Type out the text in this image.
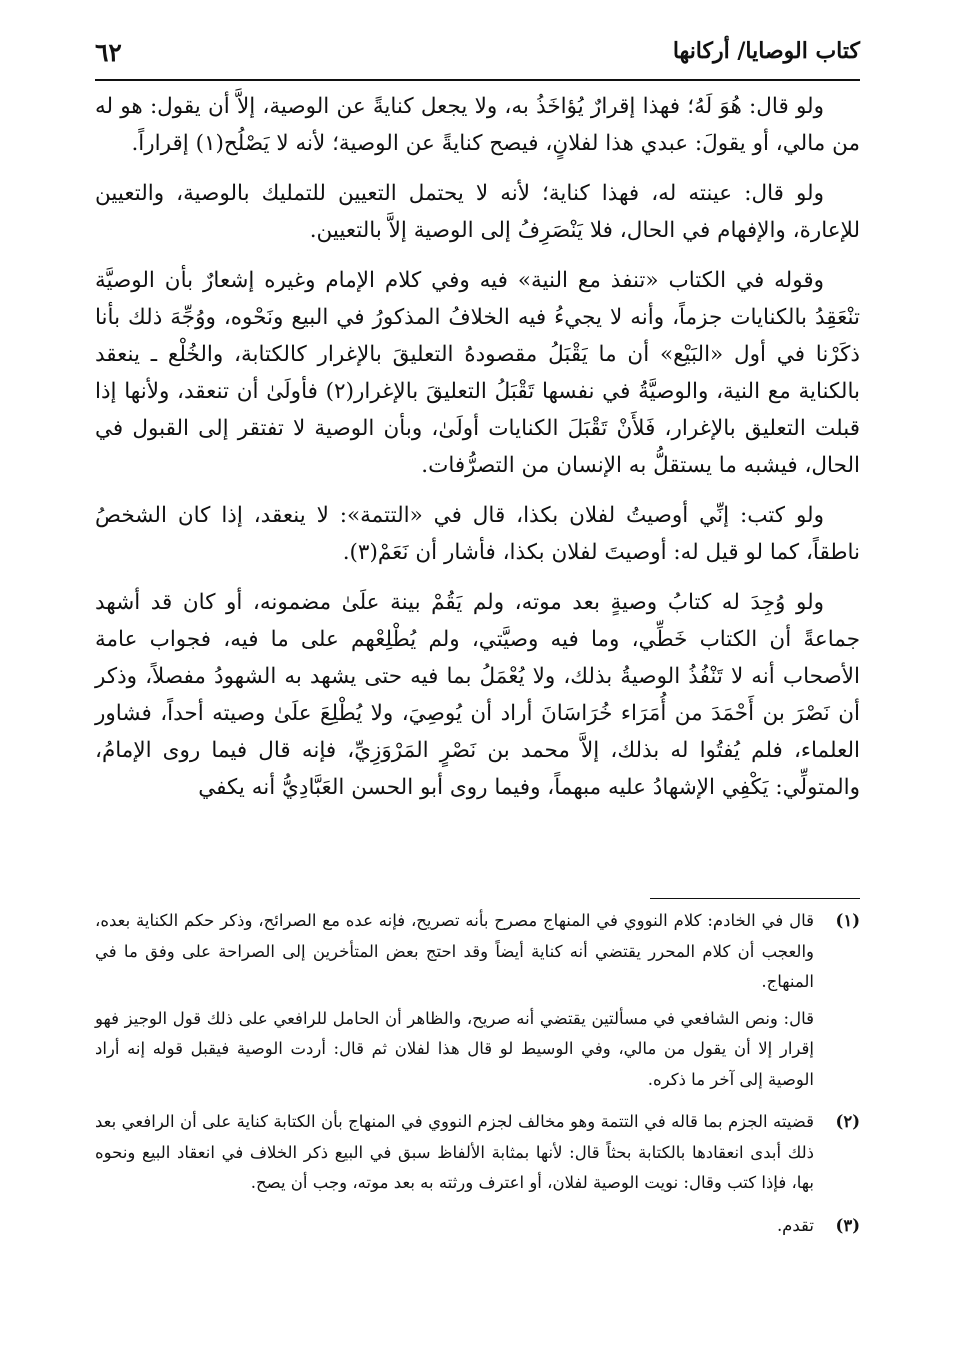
٦٢	كتاب الوصايا/ أركانها

ولو قال: هُوَ لَهُ؛ فهذا إقرارٌ يُؤاخَذُ به، ولا يجعل كنايةً عن الوصية، إلاَّ أن يقول: هو له من مالي، أو يقولَ: عبدي هذا لفلانٍ، فيصح كنايةً عن الوصية؛ لأنه لا يَصْلُح(١) إقراراً.

ولو قال: عينته له، فهذا كناية؛ لأنه لا يحتمل التعيين للتمليك بالوصية، والتعيين للإعارة، والإفهام في الحال، فلا يَنْصَرِفُ إلى الوصية إلاَّ بالتعيين.

وقوله في الكتاب «تنفذ مع النية» فيه وفي كلام الإمام وغيره إشعارٌ بأن الوصيَّة تنْعَقِدُ بالكنايات جزماً، وأنه لا يجيءُ فيه الخلافُ المذكورُ في البيع ونَحْوه، ووُجِّهَ ذلك بأنا ذكَرْنا في أول «البَيْع» أن ما يَقْبَلُ مقصودهُ التعليقَ بالإغرار كالكتابة، والخُلْع ـ ينعقد بالكناية مع النية، والوصيَّةُ في نفسها تَقْبَلُ التعليقَ بالإغرار(٢) فأولَىٰ أن تنعقد، ولأنها إذا قبلت التعليق بالإغرار، فَلأَنْ تَقْبَلَ الكنايات أولَىٰ، وبأن الوصية لا تفتقر إلى القبول في الحال، فيشبه ما يستقلُّ به الإنسان من التصرُّفات.

ولو كتب: إنِّي أوصيتُ لفلان بكذا، قال في «التتمة»: لا ينعقد، إذا كان الشخصُ ناطقاً، كما لو قيل له: أوصيتَ لفلان بكذا، فأشار أن نَعَمْ(٣).

ولو وُجِدَ له كتابُ وصيةٍ بعد موته، ولم يَقُمْ بينة علَىٰ مضمونه، أو كان قد أشهد جماعةً أن الكتاب خَطِّي، وما فيه وصيَّتي، ولم يُطْلِعْهم على ما فيه، فجواب عامة الأصحاب أنه لا تَنْفُذُ الوصيةُ بذلك، ولا يُعْمَلُ بما فيه حتى يشهد به الشهودُ مفصلاً، وذكر أن نَصْرَ بن أَحْمَدَ من أُمَرَاء خُرَاسَانَ أراد أن يُوصِيَ، ولا يُطْلِعَ علَىٰ وصيته أحداً، فشاور العلماء، فلم يُفتُوا له بذلك، إلاَّ محمد بن نَصْرٍ المَرْوَزِيِّ، فإنه قال فيما روى الإمامُ، والمتولِّي: يَكْفِي الإشهادُ عليه مبهماً، وفيما روى أبو الحسن العَبَّادِيُّ أنه يكفي

(١)

قال في الخادم: كلام النووي في المنهاج مصرح بأنه تصريح، فإنه عده مع الصرائح، وذكر حكم الكناية بعده، والعجب أن كلام المحرر يقتضي أنه كناية أيضاً وقد احتج بعض المتأخرين إلى الصراحة على وفق ما في المنهاج.

قال: ونص الشافعي في مسألتين يقتضي أنه صريح، والظاهر أن الحامل للرافعي على ذلك قول الوجيز فهو إقرار إلا أن يقول من مالي، وفي الوسيط لو قال هذا لفلان ثم قال: أردت الوصية فيقبل قوله إنه أراد الوصية إلى آخر ما ذكره.

(٢)

قضيته الجزم بما قاله في التتمة وهو مخالف لجزم النووي في المنهاج بأن الكتابة كناية على أن الرافعي بعد ذلك أبدى انعقادها بالكتابة بحثاً قال: لأنها بمثابة الألفاظ سبق في البيع ذكر الخلاف في انعقاد البيع ونحوه بها، فإذا كتب وقال: نويت الوصية لفلان، أو اعترف ورثته به بعد موته، وجب أن يصح.

(٣)

تقدم.
